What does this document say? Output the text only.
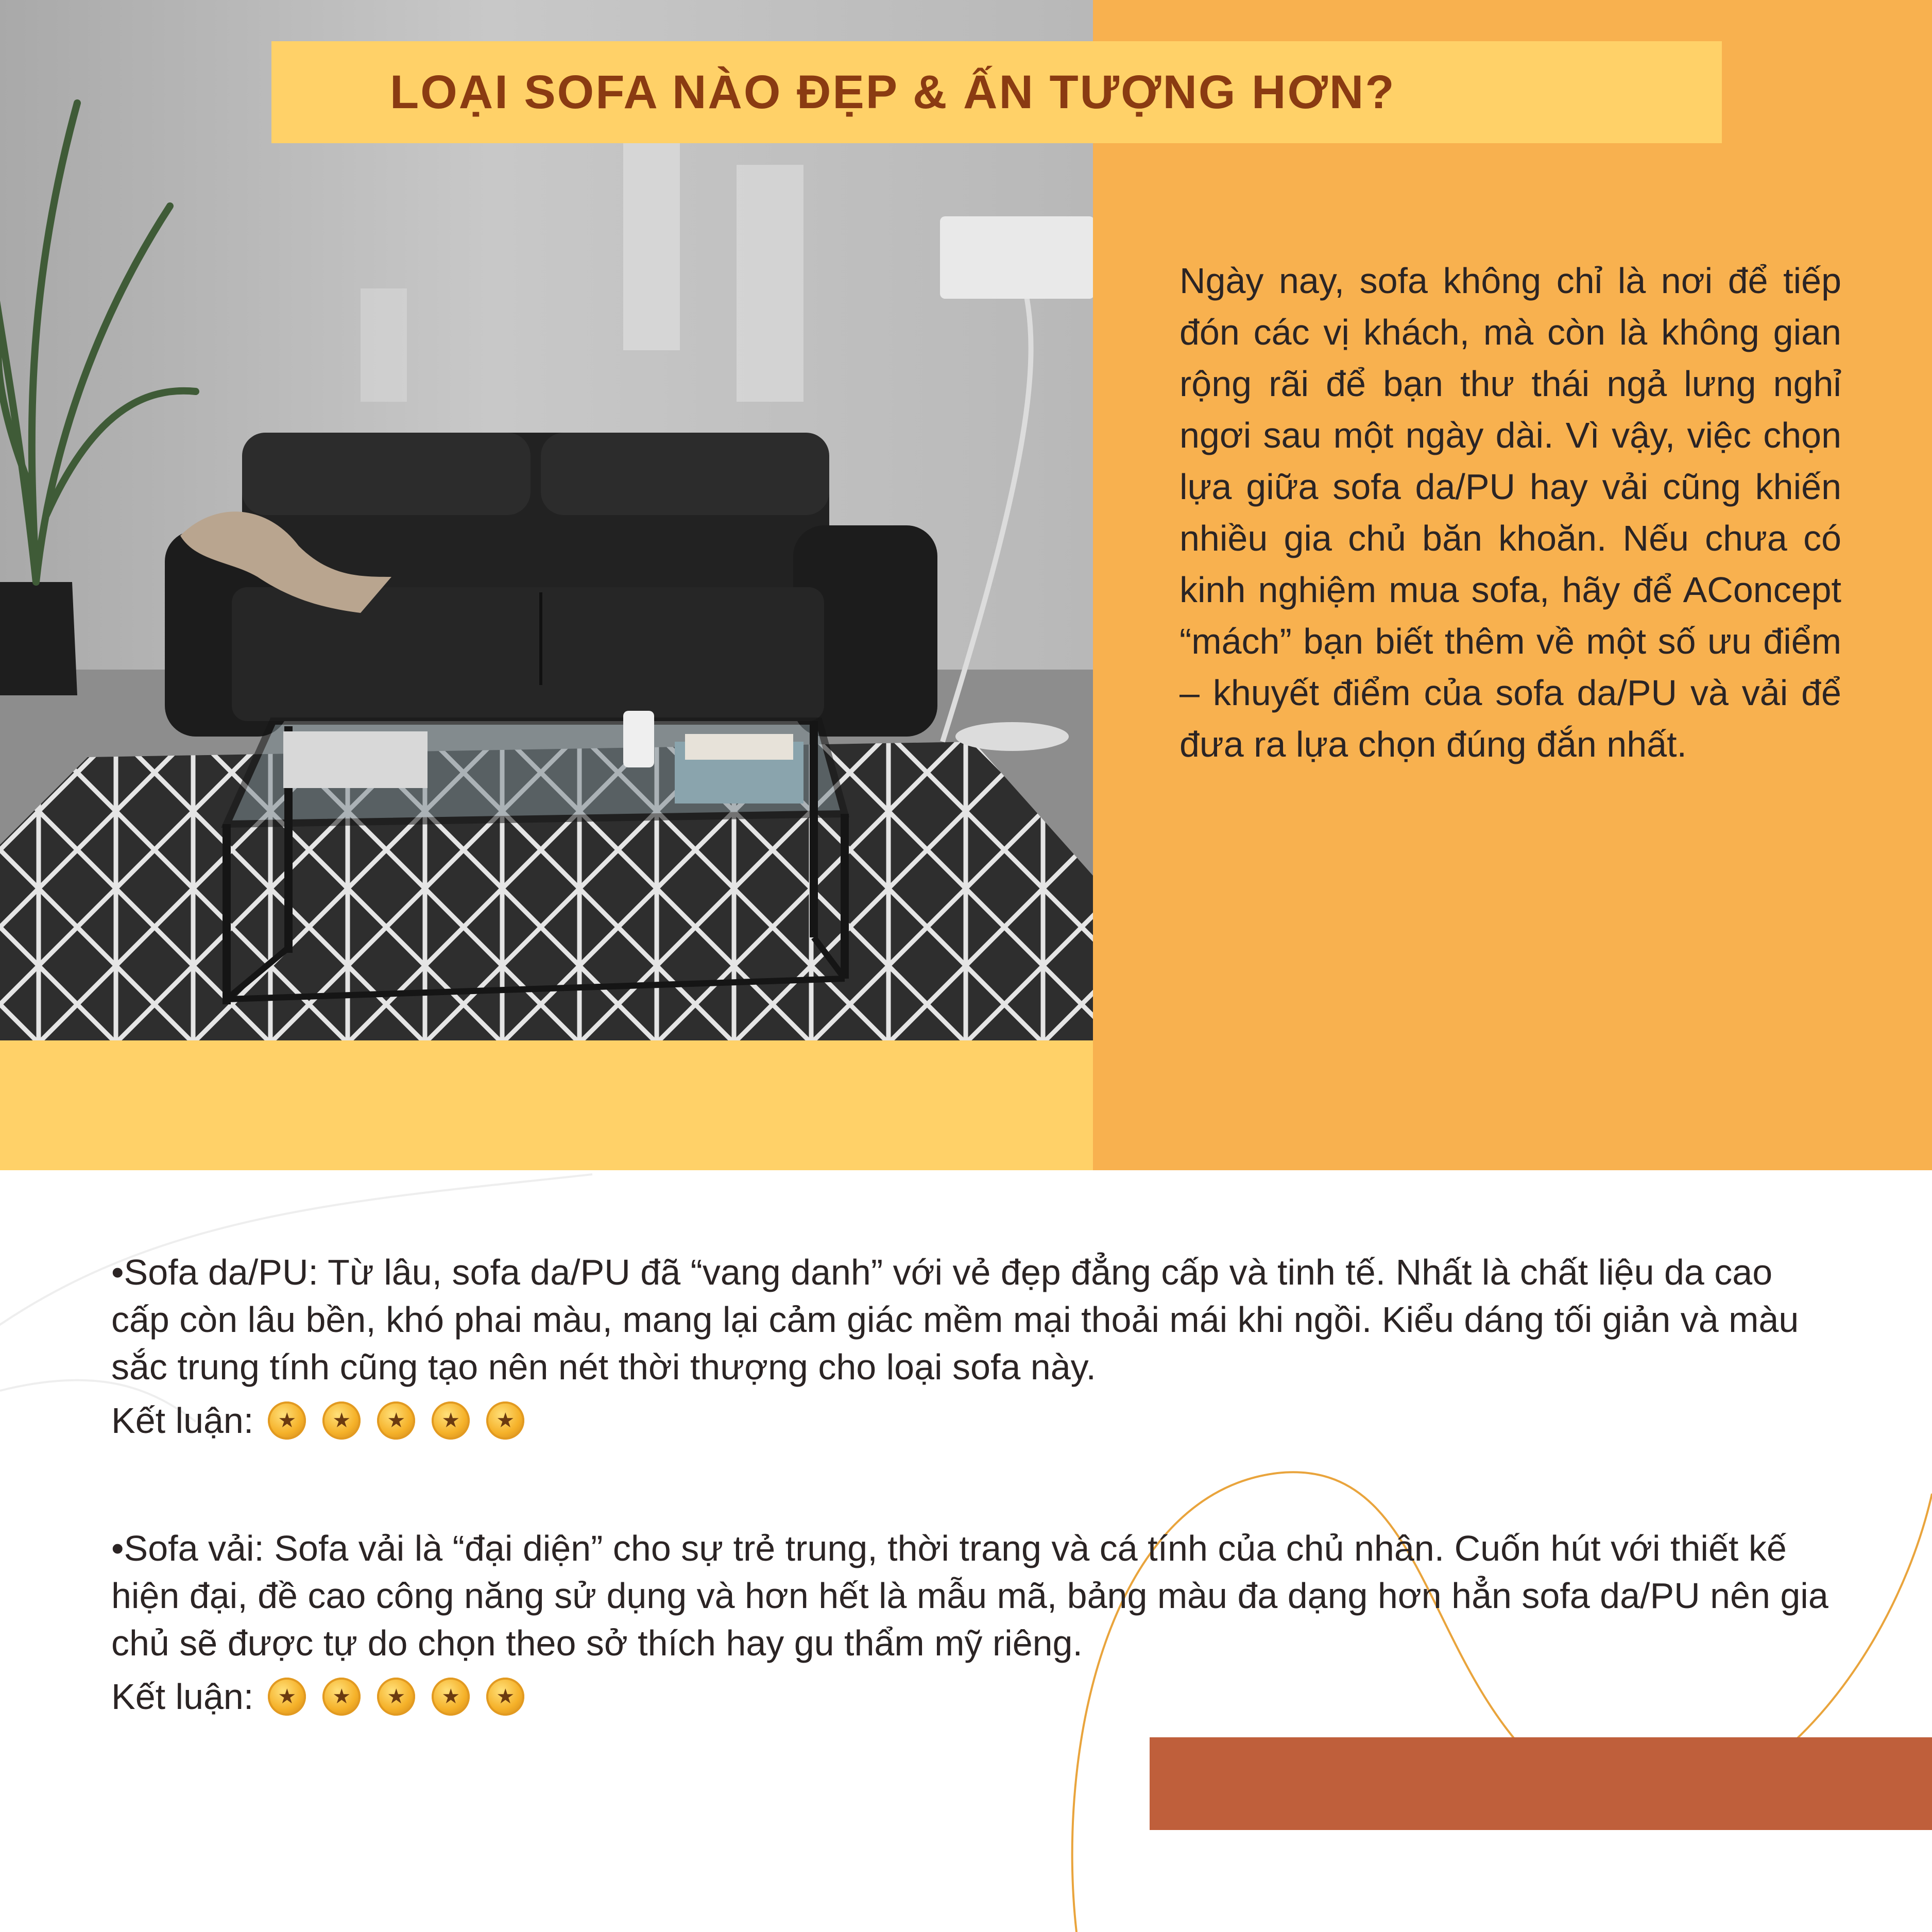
LOẠI SOFA NÀO ĐẸP & ẤN TƯỢNG HƠN?
Ngày nay, sofa không chỉ là nơi để tiếp đón các vị khách, mà còn là không gian rộng rãi để bạn thư thái ngả lưng nghỉ ngơi sau một ngày dài. Vì vậy, việc chọn lựa giữa sofa da/PU hay vải cũng khiến nhiều gia chủ băn khoăn. Nếu chưa có kinh nghiệm mua sofa, hãy để AConcept “mách” bạn biết thêm về một số ưu điểm – khuyết điểm của sofa da/PU và vải để đưa ra lựa chọn đúng đắn nhất.
•Sofa da/PU: Từ lâu, sofa da/PU đã “vang danh” với vẻ đẹp đẳng cấp và tinh tế. Nhất là chất liệu da cao cấp còn lâu bền, khó phai màu, mang lại cảm giác mềm mại thoải mái khi ngồi. Kiểu dáng tối giản và màu sắc trung tính cũng tạo nên nét thời thượng cho loại sofa này.
Kết luận:	★	★	★	★	★
•Sofa vải: Sofa vải là “đại diện” cho sự trẻ trung, thời trang và cá tính của chủ nhân. Cuốn hút với thiết kế hiện đại, đề cao công năng sử dụng và hơn hết là mẫu mã, bảng màu đa dạng hơn hẳn sofa da/PU nên gia chủ sẽ được tự do chọn theo sở thích hay gu thẩm mỹ riêng.
Kết luận:	★	★	★	★	★
